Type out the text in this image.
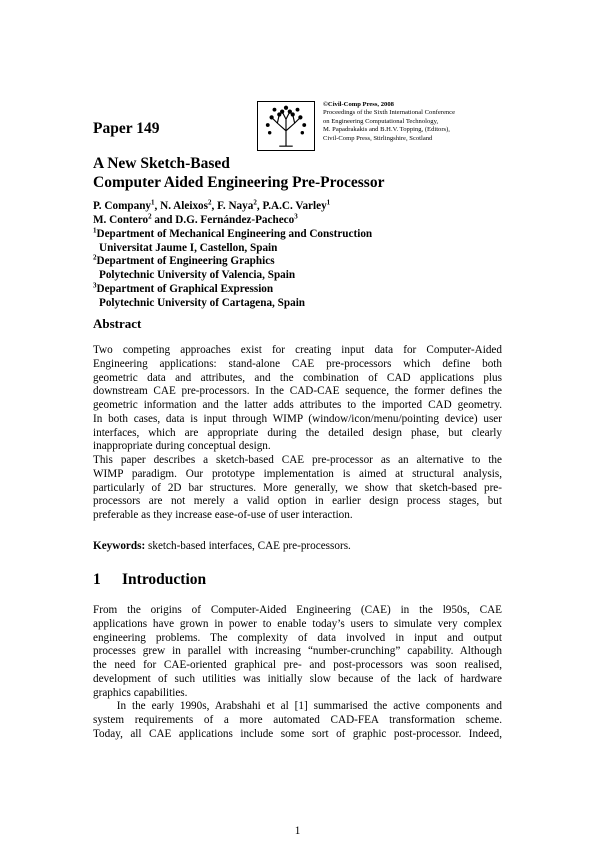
©Civil-Comp Press, 2008
Proceedings of the Sixth International Conference
on Engineering Computational Technology,
M. Papadrakakis and B.H.V. Topping, (Editors),
Civil-Comp Press, Stirlingshire, Scotland
Paper 149
A New Sketch-Based
Computer Aided Engineering Pre-Processor
P. Company$^1$, N. Aleixos$^2$, F. Naya$^2$, P.A.C. Varley$^1$
M. Contero$^2$ and D.G. Fernández-Pacheco$^3$
$^1$Department of Mechanical Engineering and Construction
Universitat Jaume I, Castellon, Spain
$^2$Department of Engineering Graphics
Polytechnic University of Valencia, Spain
$^3$Department of Graphical Expression
Polytechnic University of Cartagena, Spain
Abstract
Two competing approaches exist for creating input data for Computer-Aided
Engineering applications: stand-alone CAE pre-processors which define both
geometric data and attributes, and the combination of CAD applications plus
downstream CAE pre-processors. In the CAD-CAE sequence, the former defines the
geometric information and the latter adds attributes to the imported CAD geometry.
In both cases, data is input through WIMP (window/icon/menu/pointing device) user
interfaces, which are appropriate during the detailed design phase, but clearly
inappropriate during conceptual design.
This paper describes a sketch-based CAE pre-processor as an alternative to the
WIMP paradigm. Our prototype implementation is aimed at structural analysis,
particularly of 2D bar structures. More generally, we show that sketch-based pre-
processors are not merely a valid option in earlier design process stages, but
preferable as they increase ease-of-use of user interaction.
Keywords: sketch-based interfaces, CAE pre-processors.
1 Introduction
From the origins of Computer-Aided Engineering (CAE) in the l950s, CAE
applications have grown in power to enable today’s users to simulate very complex
engineering problems. The complexity of data involved in input and output
processes grew in parallel with increasing “number-crunching” capability. Although
the need for CAE-oriented graphical pre- and post-processors was soon realised,
development of such utilities was initially slow because of the lack of hardware
graphics capabilities.
In the early 1990s, Arabshahi et al [1] summarised the active components and
system requirements of a more automated CAD-FEA transformation scheme.
Today, all CAE applications include some sort of graphic post-processor. Indeed,
1
